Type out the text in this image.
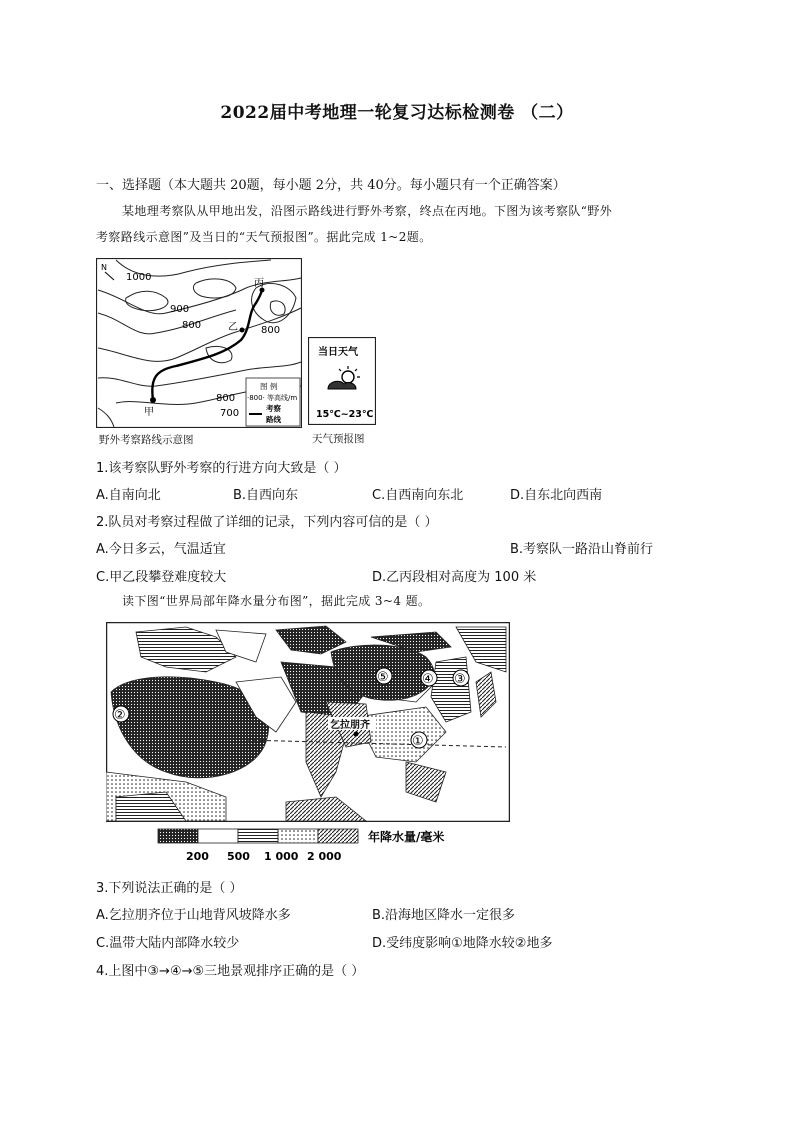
2022届中考地理一轮复习达标检测卷 （二）
一、选择题（本大题共 20题，每小题 2分，共 40分。每小题只有一个正确答案）
某地理考察队从甲地出发，沿图示路线进行野外考察，终点在丙地。下图为该考察队“野外
考察路线示意图”及当日的“天气预报图”。据此完成 1~2题。
N
1000
900
800	800
800
700
甲
乙
丙
图 例
·800· 等高线/m
考察
路线
野外考察路线示意图
当日天气
15℃~23℃
天气预报图
1.该考察队野外考察的行进方向大致是（ ）
A.自南向北	B.自西向东	C.自西南向东北	D.自东北向西南
2.队员对考察过程做了详细的记录，下列内容可信的是（ ）
A.今日多云，气温适宜	B.考察队一路沿山脊前行
C.甲乙段攀登难度较大	D.乙丙段相对高度为 100 米
读下图“世界局部年降水量分布图”，据此完成 3~4 题。
②
①
③
④
⑤
乞拉朋齐
200 500 1 000 2 000
年降水量/毫米
3.下列说法正确的是（ ）
A.乞拉朋齐位于山地背风坡降水多	B.沿海地区降水一定很多
C.温带大陆内部降水较少	D.受纬度影响①地降水较②地多
4.上图中③→④→⑤三地景观排序正确的是（ ）
